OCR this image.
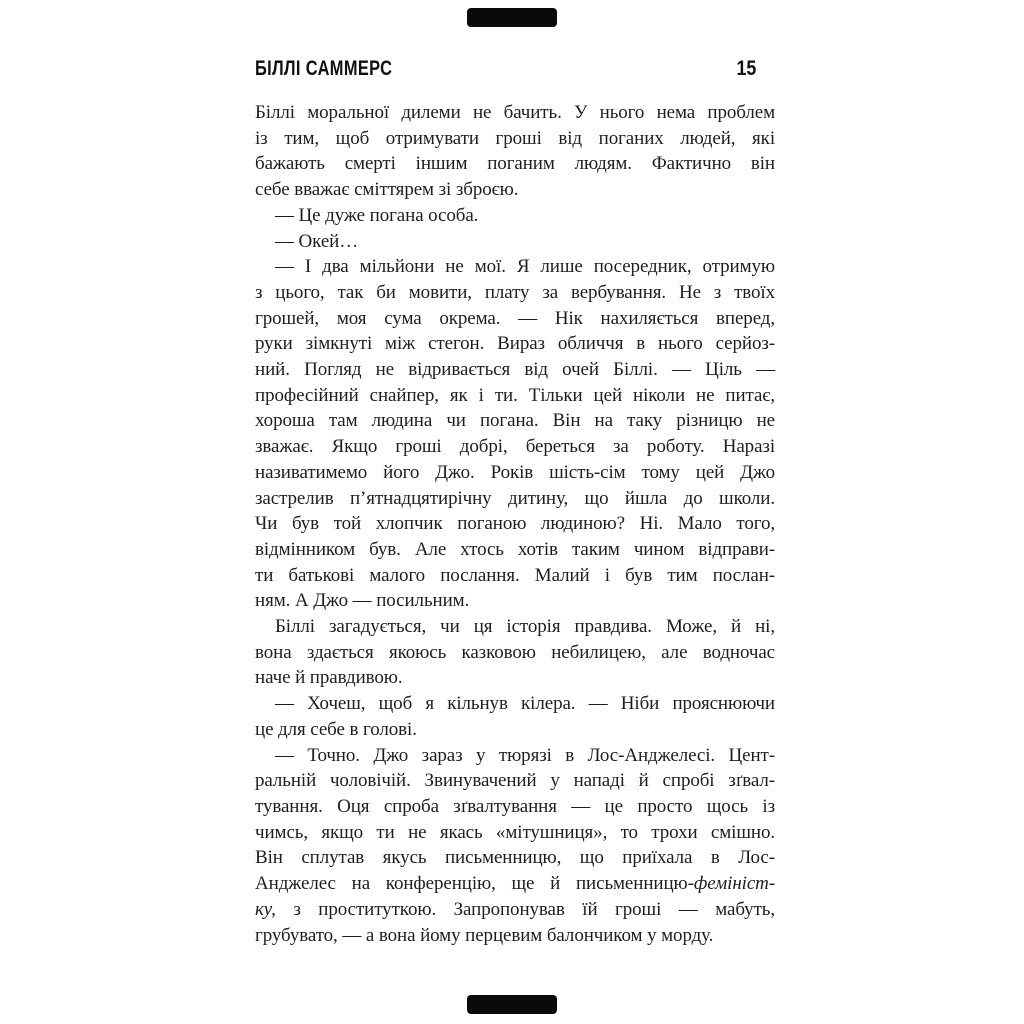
БІЛЛІ САММЕРС	15
Біллі моральної дилеми не бачить. У нього нема проблем
із тим, щоб отримувати гроші від поганих людей, які
бажають смерті іншим поганим людям. Фактично він
себе вважає сміттярем зі зброєю.
— Це дуже погана особа.
— Окей…
— І два мільйони не мої. Я лише посередник, отримую
з цього, так би мовити, плату за вербування. Не з твоїх
грошей, моя сума окрема. — Нік нахиляється вперед,
руки зімкнуті між стегон. Вираз обличчя в нього серйоз-
ний. Погляд не відривається від очей Біллі. — Ціль —
професійний снайпер, як і ти. Тільки цей ніколи не питає,
хороша там людина чи погана. Він на таку різницю не
зважає. Якщо гроші добрі, береться за роботу. Наразі
називатимемо його Джо. Років шість-сім тому цей Джо
застрелив п’ятнадцятирічну дитину, що йшла до школи.
Чи був той хлопчик поганою людиною? Ні. Мало того,
відмінником був. Але хтось хотів таким чином відправи-
ти батькові малого послання. Малий і був тим послан-
ням. А Джо — посильним.
Біллі загадується, чи ця історія правдива. Може, й ні,
вона здається якоюсь казковою небилицею, але водночас
наче й правдивою.
— Хочеш, щоб я кільнув кілера. — Ніби прояснюючи
це для себе в голові.
— Точно. Джо зараз у тюрязі в Лос-Анджелесі. Цент-
ральній чоловічій. Звинувачений у нападі й спробі зґвал-
тування. Оця спроба зґвалтування — це просто щось із
чимсь, якщо ти не якась «мітушниця», то трохи смішно.
Він сплутав якусь письменницю, що приїхала в Лос-
Анджелес на конференцію, ще й письменницю-фемініст-
ку, з проституткою. Запропонував їй гроші — мабуть,
грубувато, — а вона йому перцевим балончиком у морду.
